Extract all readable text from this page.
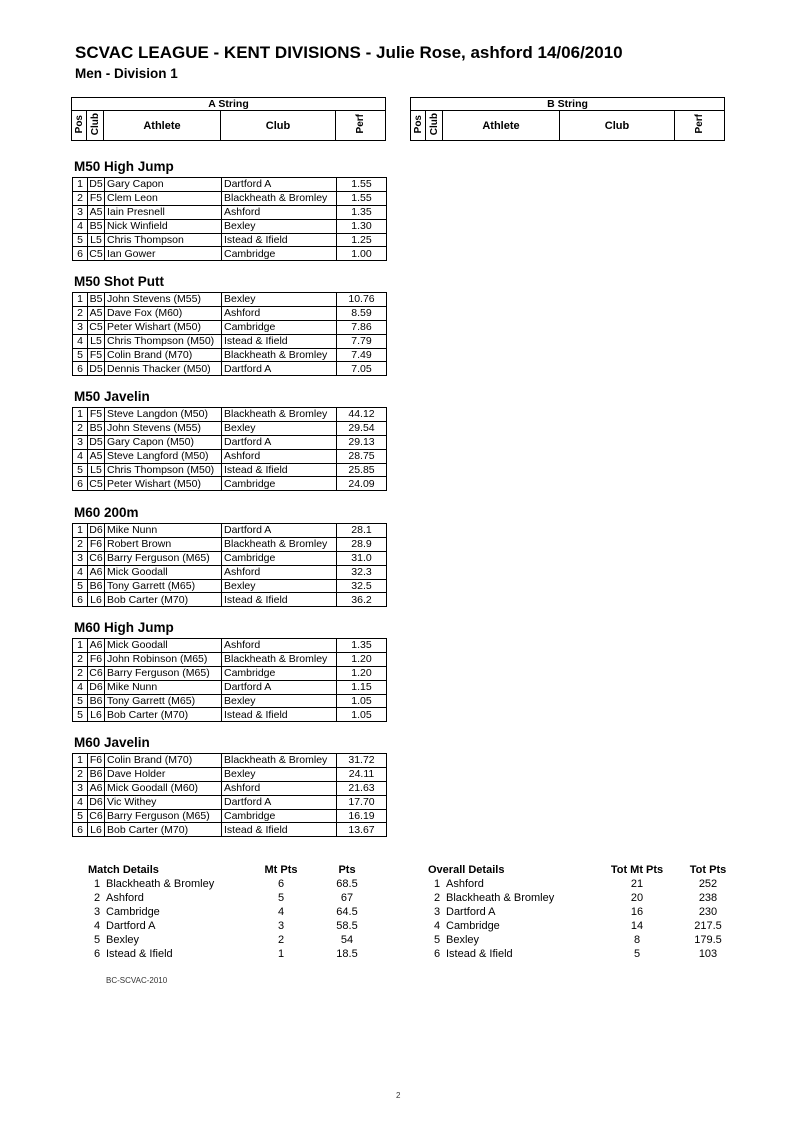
SCVAC LEAGUE - KENT DIVISIONS - Julie Rose, ashford 14/06/2010
Men - Division 1
A String
Pos	Club	Athlete	Club	Perf
B String
Pos	Club	Athlete	Club	Perf
M50 High Jump
1	D5	Gary Capon	Dartford A	1.55
2	F5	Clem Leon	Blackheath & Bromley	1.55
3	A5	Iain Presnell	Ashford	1.35
4	B5	Nick Winfield	Bexley	1.30
5	L5	Chris Thompson	Istead & Ifield	1.25
6	C5	Ian Gower	Cambridge	1.00
M50 Shot Putt
1	B5	John Stevens (M55)	Bexley	10.76
2	A5	Dave Fox (M60)	Ashford	8.59
3	C5	Peter Wishart (M50)	Cambridge	7.86
4	L5	Chris Thompson (M50)	Istead & Ifield	7.79
5	F5	Colin Brand (M70)	Blackheath & Bromley	7.49
6	D5	Dennis Thacker (M50)	Dartford A	7.05
M50 Javelin
1	F5	Steve Langdon (M50)	Blackheath & Bromley	44.12
2	B5	John Stevens (M55)	Bexley	29.54
3	D5	Gary Capon (M50)	Dartford A	29.13
4	A5	Steve Langford (M50)	Ashford	28.75
5	L5	Chris Thompson (M50)	Istead & Ifield	25.85
6	C5	Peter Wishart (M50)	Cambridge	24.09
M60 200m
1	D6	Mike Nunn	Dartford A	28.1
2	F6	Robert Brown	Blackheath & Bromley	28.9
3	C6	Barry Ferguson (M65)	Cambridge	31.0
4	A6	Mick Goodall	Ashford	32.3
5	B6	Tony Garrett (M65)	Bexley	32.5
6	L6	Bob Carter (M70)	Istead & Ifield	36.2
M60 High Jump
1	A6	Mick Goodall	Ashford	1.35
2	F6	John Robinson (M65)	Blackheath & Bromley	1.20
2	C6	Barry Ferguson (M65)	Cambridge	1.20
4	D6	Mike Nunn	Dartford A	1.15
5	B6	Tony Garrett (M65)	Bexley	1.05
5	L6	Bob Carter (M70)	Istead & Ifield	1.05
M60 Javelin
1	F6	Colin Brand (M70)	Blackheath & Bromley	31.72
2	B6	Dave Holder	Bexley	24.11
3	A6	Mick Goodall (M60)	Ashford	21.63
4	D6	Vic Withey	Dartford A	17.70
5	C6	Barry Ferguson (M65)	Cambridge	16.19
6	L6	Bob Carter (M70)	Istead & Ifield	13.67
Match Details		Mt Pts	Pts
1	Blackheath & Bromley	6	68.5
2	Ashford	5	67
3	Cambridge	4	64.5
4	Dartford A	3	58.5
5	Bexley	2	54
6	Istead & Ifield	1	18.5
Overall Details		Tot Mt Pts	Tot Pts
1	Ashford	21	252
2	Blackheath & Bromley	20	238
3	Dartford A	16	230
4	Cambridge	14	217.5
5	Bexley	8	179.5
6	Istead & Ifield	5	103
BC-SCVAC-2010
2
